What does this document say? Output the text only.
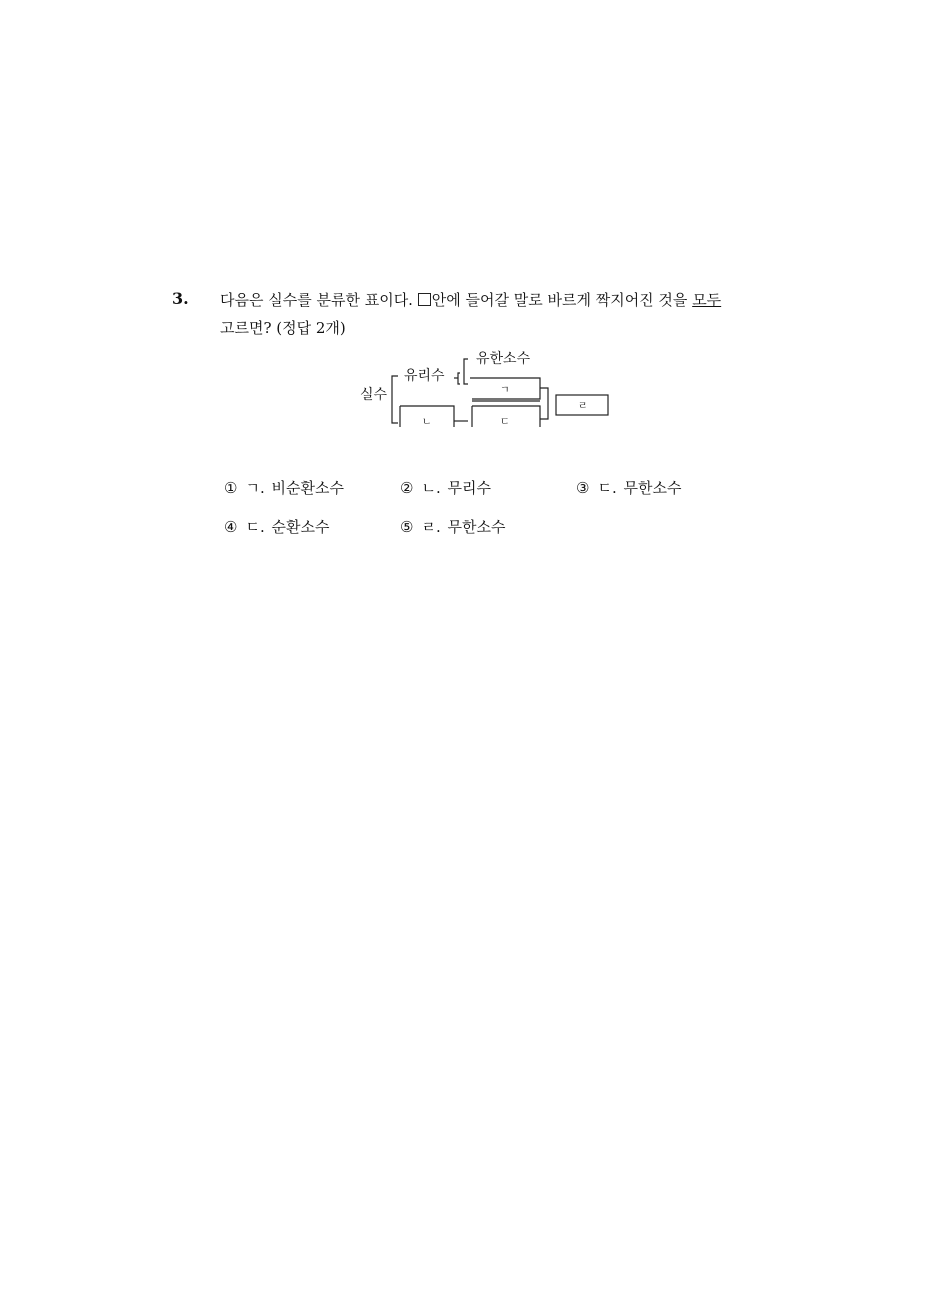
3. 다음은 실수를 분류한 표이다. 안에 들어갈 말로 바르게 짝지어진 것을 모두
고르면? (정답 2개)
실수
유리수
유한소수
ㄱ
ㄴ	ㄷ
ㄹ
① ㄱ. 비순환소수	② ㄴ. 무리수	③ ㄷ. 무한소수
④ ㄷ. 순환소수	⑤ ㄹ. 무한소수
